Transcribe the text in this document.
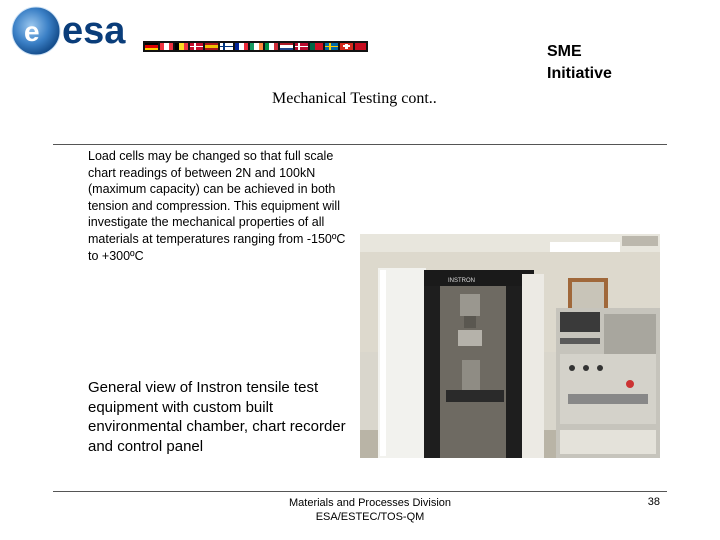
e esa	SME
Initiative
Mechanical Testing cont..
Load cells may be changed so that full scale chart readings of between 2N and 100kN (maximum capacity) can be achieved in both tension and compression. This equipment will investigate the mechanical properties of all materials at temperatures ranging from -150ºC to +300ºC
General view of Instron tensile test equipment with custom built environmental chamber, chart recorder and control panel
INSTRON
Materials and Processes Division
ESA/ESTEC/TOS-QM
38
